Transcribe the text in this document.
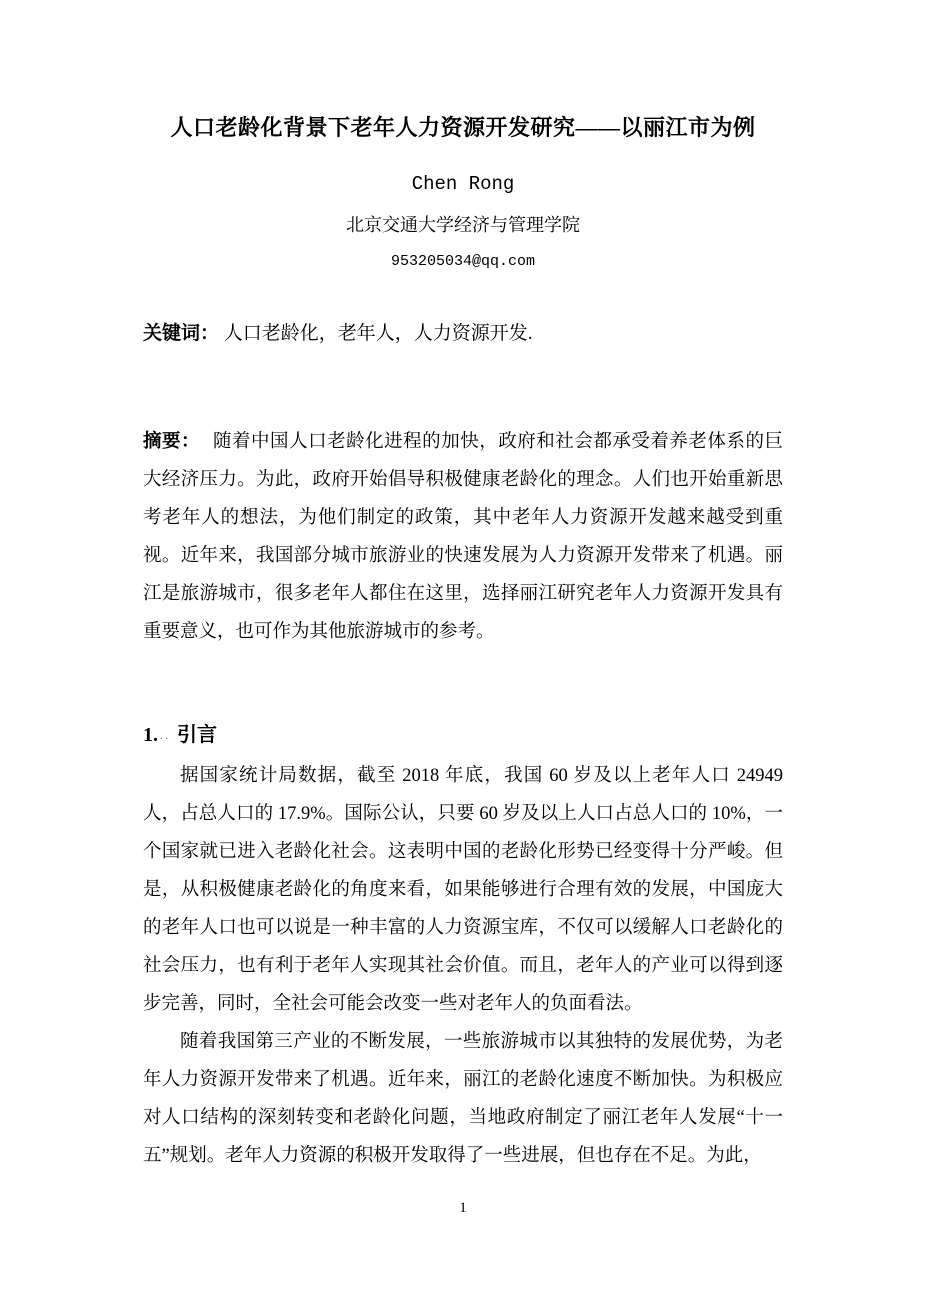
人口老龄化背景下老年人力资源开发研究——以丽江市为例
Chen Rong
北京交通大学经济与管理学院
953205034@qq.com
关键词： 人口老龄化，老年人，人力资源开发.
摘要： 随着中国人口老龄化进程的加快，政府和社会都承受着养老体系的巨大经济压力。为此，政府开始倡导积极健康老龄化的理念。人们也开始重新思考老年人的想法，为他们制定的政策，其中老年人力资源开发越来越受到重视。近年来，我国部分城市旅游业的快速发展为人力资源开发带来了机遇。丽江是旅游城市，很多老年人都住在这里，选择丽江研究老年人力资源开发具有重要意义，也可作为其他旅游城市的参考。
1. .. 引言

据国家统计局数据，截至 2018 年底，我国 60 岁及以上老年人口 24949 人，占总人口的 17.9%。国际公认，只要 60 岁及以上人口占总人口的 10%，一个国家就已进入老龄化社会。这表明中国的老龄化形势已经变得十分严峻。但是，从积极健康老龄化的角度来看，如果能够进行合理有效的发展，中国庞大的老年人口也可以说是一种丰富的人力资源宝库，不仅可以缓解人口老龄化的社会压力，也有利于老年人实现其社会价值。而且，老年人的产业可以得到逐步完善，同时，全社会可能会改变一些对老年人的负面看法。

随着我国第三产业的不断发展，一些旅游城市以其独特的发展优势，为老年人力资源开发带来了机遇。近年来，丽江的老龄化速度不断加快。为积极应对人口结构的深刻转变和老龄化问题，当地政府制定了丽江老年人发展“十一五”规划。老年人力资源的积极开发取得了一些进展，但也存在不足。为此，

1
